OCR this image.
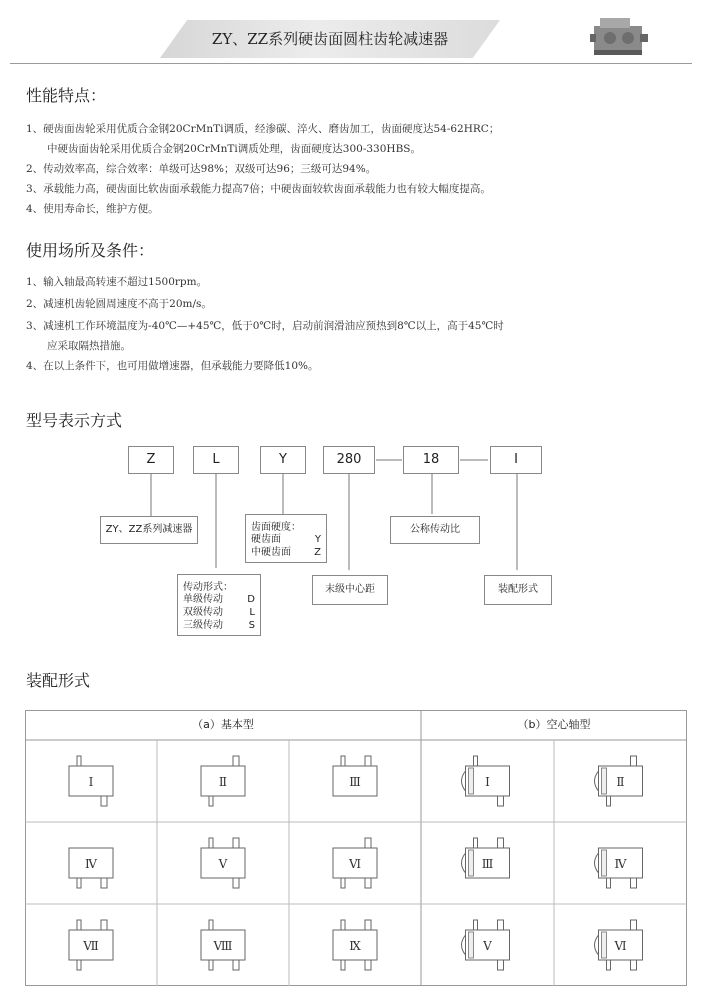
ZY、ZZ系列硬齿面圆柱齿轮减速器
性能特点：
1、硬齿面齿轮采用优质合金钢20CrMnTi调质，经渗碳、淬火、磨齿加工，齿面硬度达54-62HRC；
中硬齿面齿轮采用优质合金钢20CrMnTi调质处理，齿面硬度达300-330HBS。
2、传动效率高，综合效率：单级可达98%；双级可达96；三级可达94%。
3、承载能力高，硬齿面比软齿面承载能力提高7倍；中硬齿面较软齿面承载能力也有较大幅度提高。
4、使用寿命长，维护方便。
使用场所及条件：
1、输入轴最高转速不超过1500rpm。
2、减速机齿轮圆周速度不高于20m/s。
3、减速机工作环境温度为-40℃—+45℃，低于0℃时，启动前润滑油应预热到8℃以上，高于45℃时
应采取隔热措施。
4、在以上条件下，也可用做增速器，但承载能力要降低10%。
型号表示方式
Z	L	Y	280	18	Ⅰ
ZY、ZZ系列减速器	齿面硬度：
硬齿面	Y
中硬齿面 Z
公称传动比
传动形式：
单级传动 D
双级传动	L
三级传动	S
末级中心距	装配形式
装配形式
Ⅰ	Ⅱ	Ⅲ
Ⅳ	Ⅴ	Ⅵ
Ⅶ	Ⅷ	Ⅸ
Ⅰ	Ⅱ
Ⅲ	Ⅳ
Ⅴ	Ⅵ
（a）基本型	（b）空心轴型
